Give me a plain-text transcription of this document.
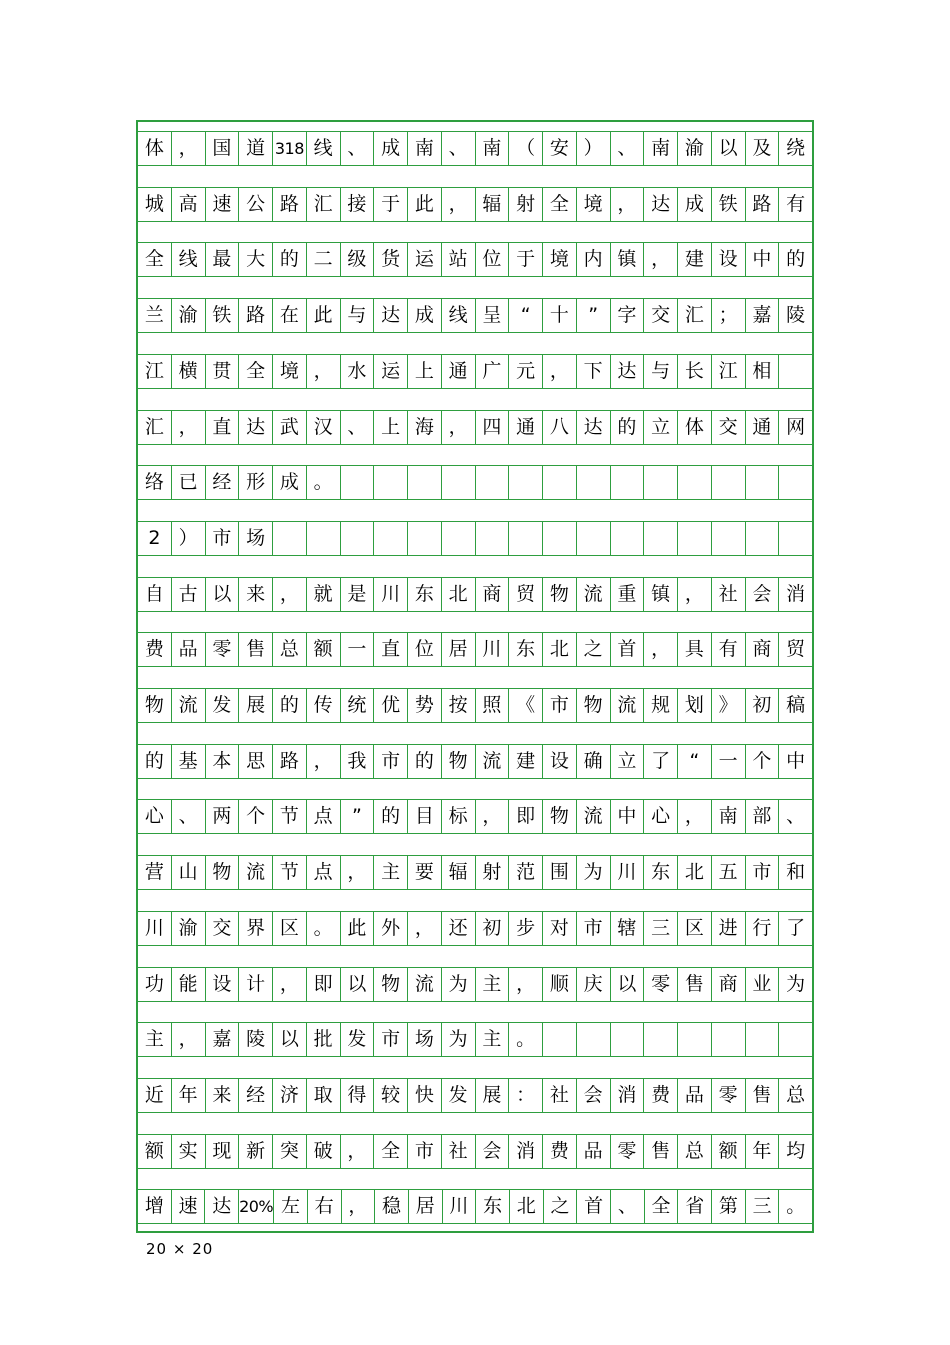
体 ， 国 道 318 线 、 成 南 、 南 （ 安 ） 、 南 渝 以 及 绕
城 高 速 公 路 汇 接 于 此 ， 辐 射 全 境 ， 达 成 铁 路 有
全 线 最 大 的 二 级 货 运 站 位 于 境 内 镇 ， 建 设 中 的
兰 渝 铁 路 在 此 与 达 成 线 呈	“	十	”	字 交 汇 ； 嘉 陵
江 横 贯 全 境 ， 水 运 上 通 广 元 ， 下 达 与 长 江 相
汇 ， 直 达 武 汉 、 上 海 ， 四 通 八 达 的 立 体 交 通 网
络 已 经 形 成 。
2 ） 市 场
自 古 以 来 ， 就 是 川 东 北 商 贸 物 流 重 镇 ， 社 会 消
费 品 零 售 总 额 一 直 位 居 川 东 北 之 首 ， 具 有 商 贸
物 流 发 展 的 传 统 优 势 按 照 《 市 物 流 规 划 》 初 稿
的 基 本 思 路 ， 我 市 的 物 流 建 设 确 立 了	“	一 个 中
心 、 两 个 节 点	”	的 目 标 ， 即 物 流 中 心 ， 南 部 、
营 山 物 流 节 点 ， 主 要 辐 射 范 围 为 川 东 北 五 市 和
川 渝 交 界 区 。 此 外 ， 还 初 步 对 市 辖 三 区 进 行 了
功 能 设 计 ， 即 以 物 流 为 主 ， 顺 庆 以 零 售 商 业 为
主 ， 嘉 陵 以 批 发 市 场 为 主 。
近 年 来 经 济 取 得 较 快 发 展 ： 社 会 消 费 品 零 售 总
额 实 现 新 突 破 ， 全 市 社 会 消 费 品 零 售 总 额 年 均
增 速 达 20% 左 右 ， 稳 居 川 东 北 之 首 、 全 省 第 三 。
20 × 20
